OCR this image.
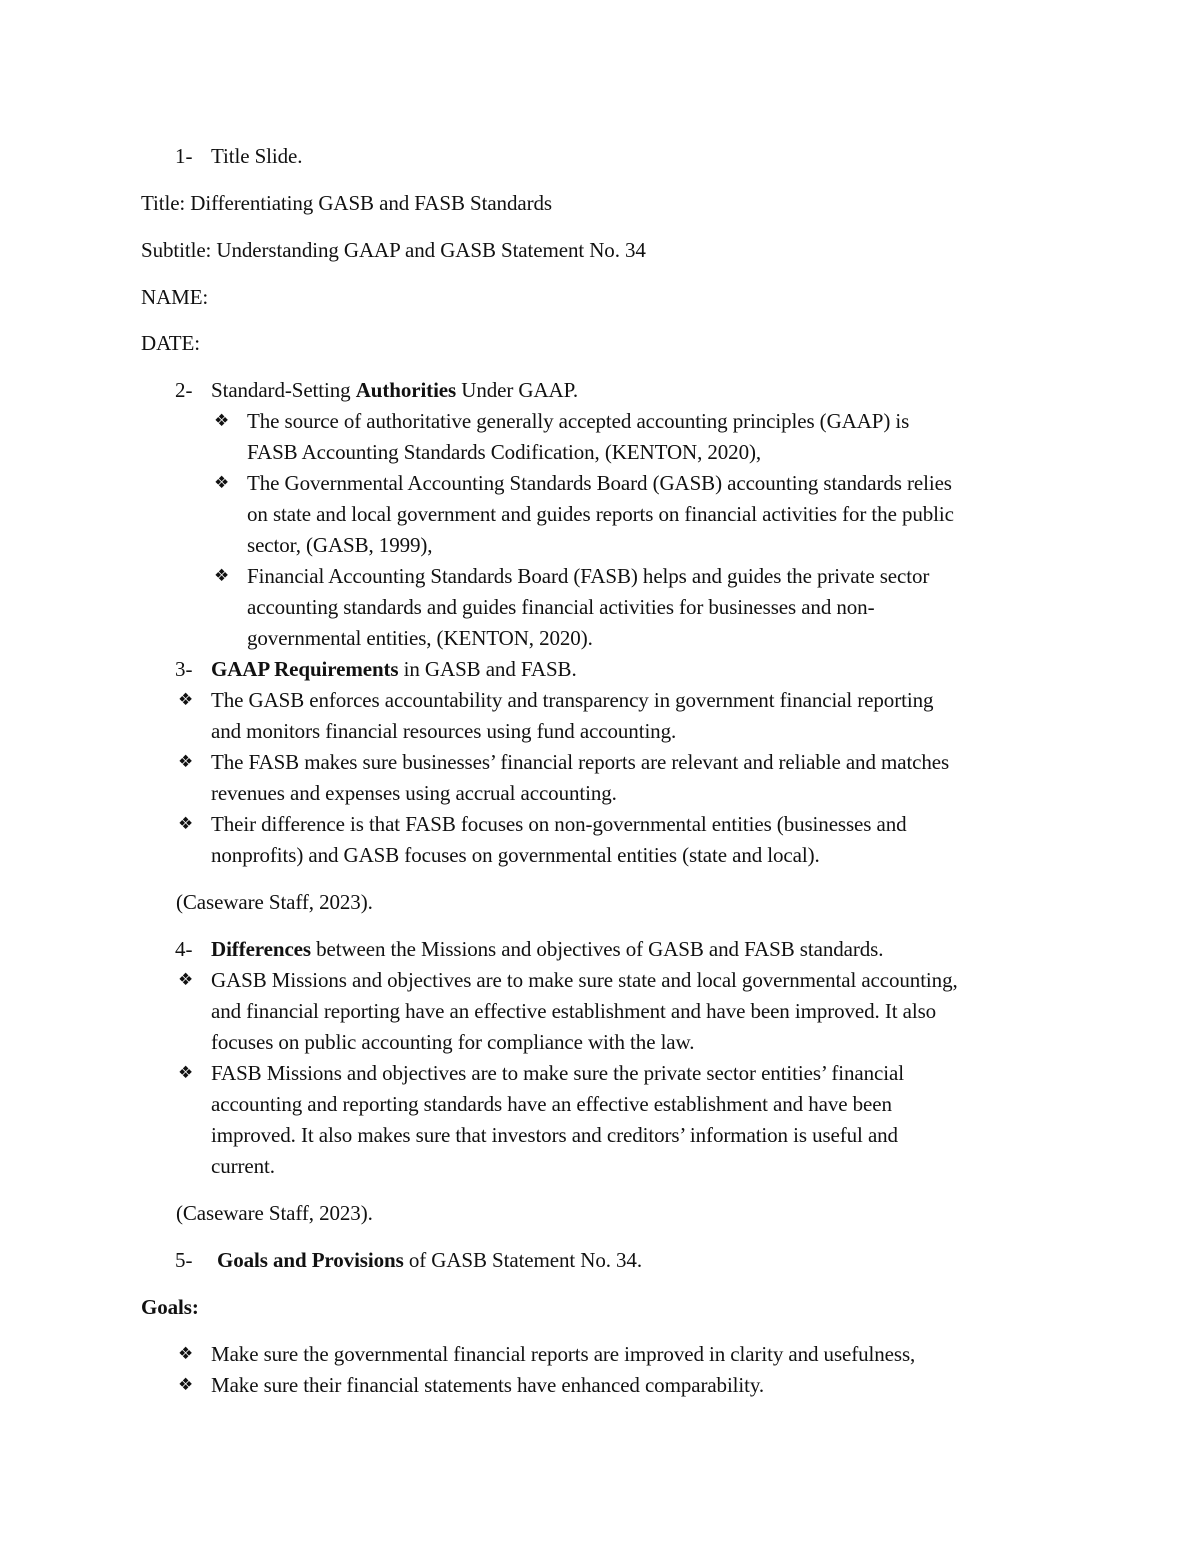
1- Title Slide.
Title: Differentiating GASB and FASB Standards
Subtitle: Understanding GAAP and GASB Statement No. 34
NAME:
DATE:
2- Standard-Setting Authorities Under GAAP.
❖ The source of authoritative generally accepted accounting principles (GAAP) is
FASB Accounting Standards Codification, (KENTON, 2020),
❖ The Governmental Accounting Standards Board (GASB) accounting standards relies
on state and local government and guides reports on financial activities for the public
sector, (GASB, 1999),
❖ Financial Accounting Standards Board (FASB) helps and guides the private sector
accounting standards and guides financial activities for businesses and non-
governmental entities, (KENTON, 2020).
3- GAAP Requirements in GASB and FASB.
❖ The GASB enforces accountability and transparency in government financial reporting
and monitors financial resources using fund accounting.
❖ The FASB makes sure businesses’ financial reports are relevant and reliable and matches
revenues and expenses using accrual accounting.
❖ Their difference is that FASB focuses on non-governmental entities (businesses and
nonprofits) and GASB focuses on governmental entities (state and local).
(Caseware Staff, 2023).
4- Differences between the Missions and objectives of GASB and FASB standards.
❖ GASB Missions and objectives are to make sure state and local governmental accounting,
and financial reporting have an effective establishment and have been improved. It also
focuses on public accounting for compliance with the law.
❖ FASB Missions and objectives are to make sure the private sector entities’ financial
accounting and reporting standards have an effective establishment and have been
improved. It also makes sure that investors and creditors’ information is useful and
current.
(Caseware Staff, 2023).
5- Goals and Provisions of GASB Statement No. 34.
Goals:
❖ Make sure the governmental financial reports are improved in clarity and usefulness,
❖ Make sure their financial statements have enhanced comparability.
